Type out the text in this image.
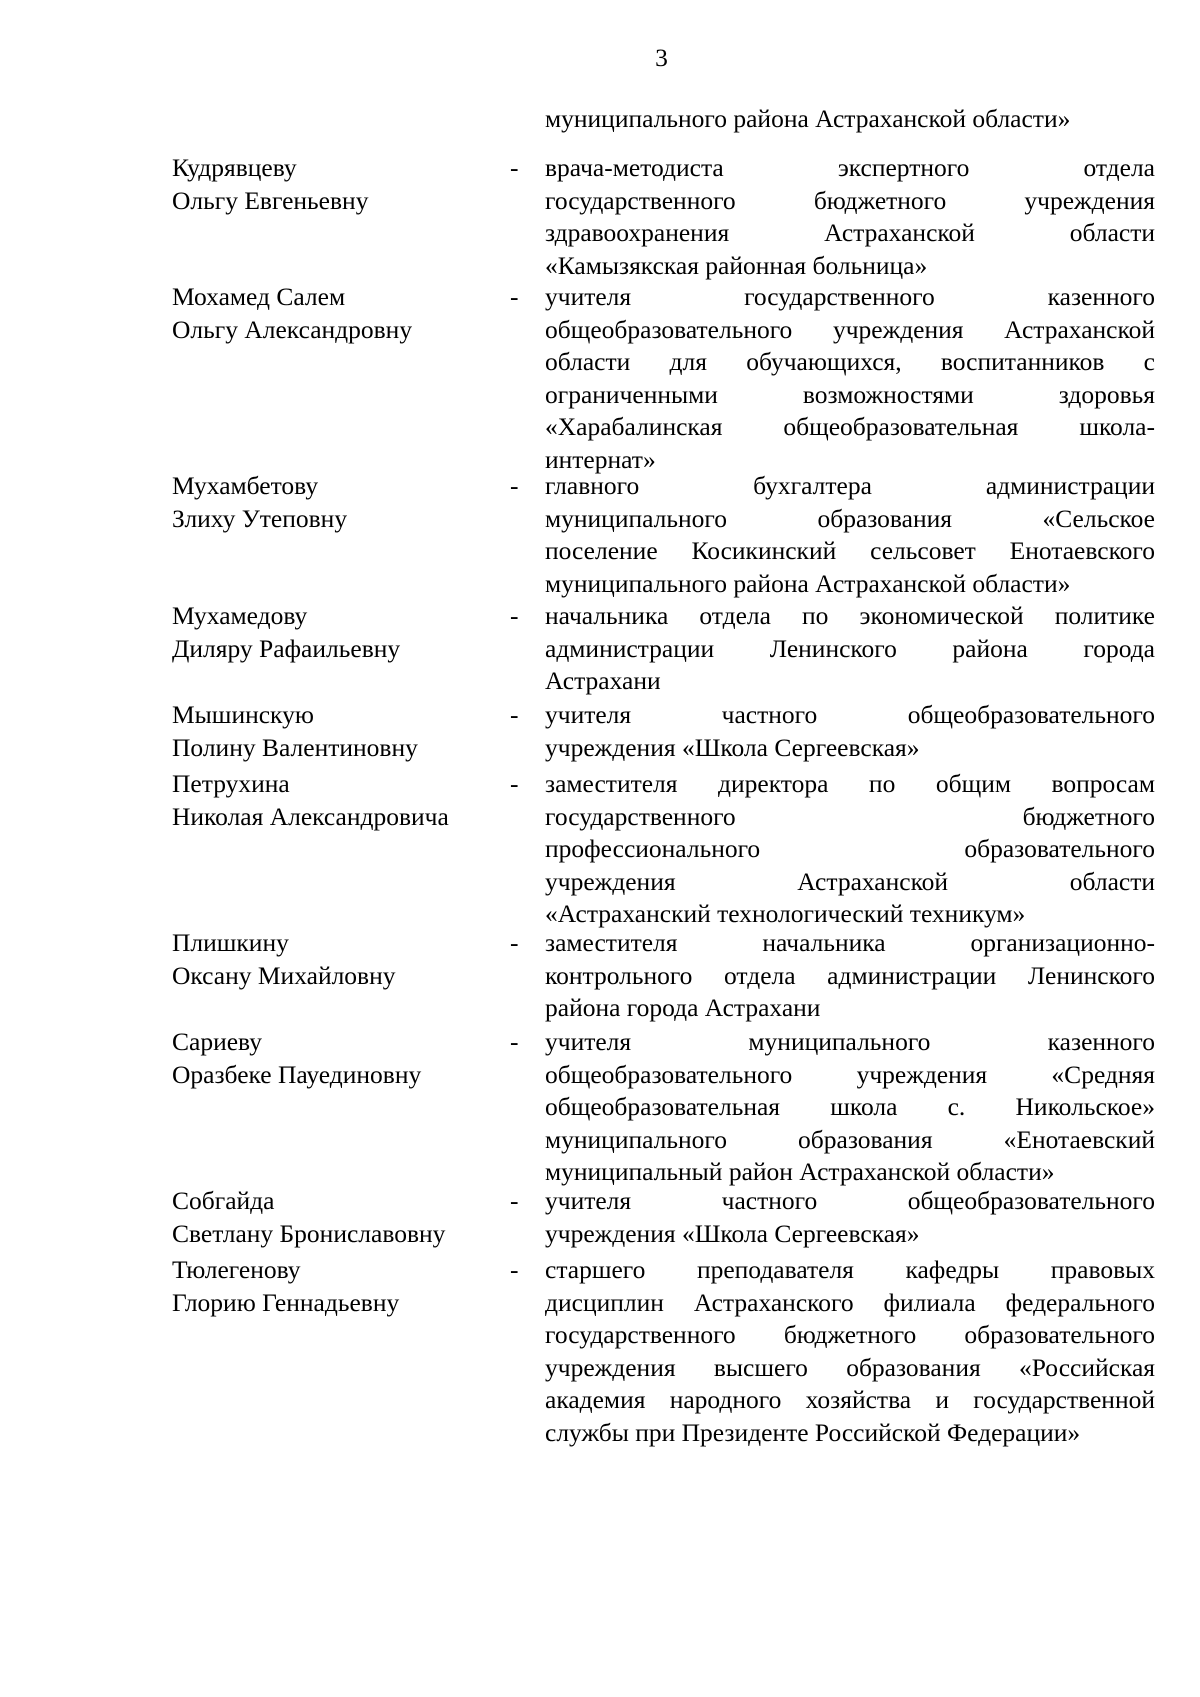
3
муниципального района Астраханской области»
Кудрявцеву
Ольгу Евгеньевну
- врача-методиста экспертного отдела
государственного бюджетного учреждения
здравоохранения Астраханской области
«Камызякская районная больница»
Мохамед Салем
Ольгу Александровну
- учителя государственного казенного
общеобразовательного учреждения Астраханской
области для обучающихся, воспитанников с
ограниченными возможностями здоровья
«Харабалинская общеобразовательная школа-
интернат»
Мухамбетову
Злиху Утеповну
- главного бухгалтера администрации
муниципального образования «Сельское
поселение Косикинский сельсовет Енотаевского
муниципального района Астраханской области»
Мухамедову
Диляру Рафаильевну
- начальника отдела по экономической политике
администрации Ленинского района города
Астрахани
Мышинскую
Полину Валентиновну
- учителя частного общеобразовательного
учреждения «Школа Сергеевская»
Петрухина
Николая Александровича
- заместителя директора по общим вопросам
государственного бюджетного
профессионального образовательного
учреждения Астраханской области
«Астраханский технологический техникум»
Плишкину
Оксану Михайловну
- заместителя начальника организационно-
контрольного отдела администрации Ленинского
района города Астрахани
Сариеву
Оразбеке Пауединовну
- учителя муниципального казенного
общеобразовательного учреждения «Средняя
общеобразовательная школа с. Никольское»
муниципального образования «Енотаевский
муниципальный район Астраханской области»
Собгайда
Светлану Брониславовну
- учителя частного общеобразовательного
учреждения «Школа Сергеевская»
Тюлегенову
Глорию Геннадьевну
- старшего преподавателя кафедры правовых
дисциплин Астраханского филиала федерального
государственного бюджетного образовательного
учреждения высшего образования «Российская
академия народного хозяйства и государственной
службы при Президенте Российской Федерации»
